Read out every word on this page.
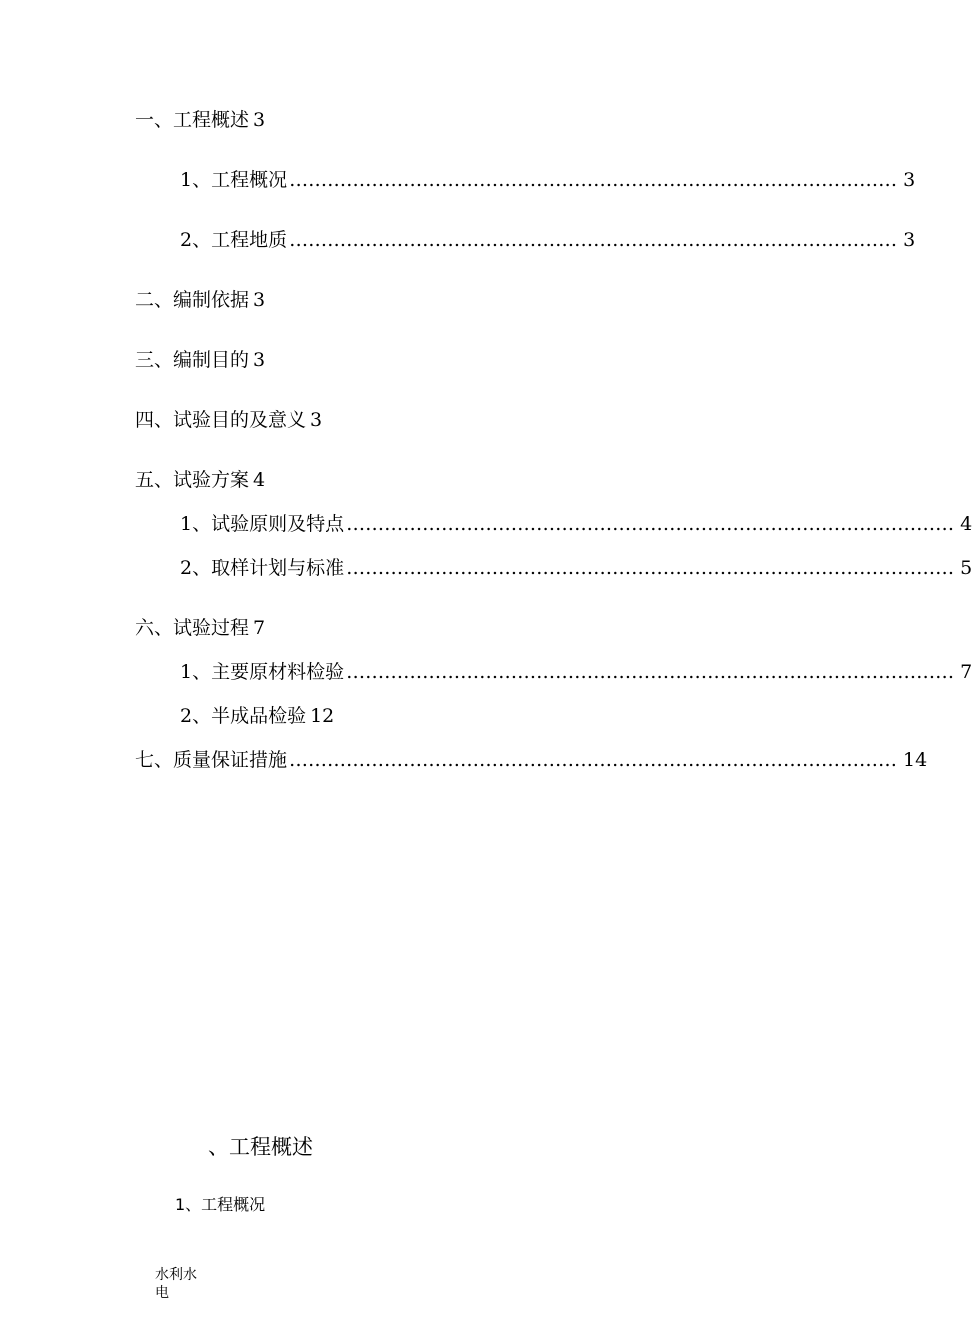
一、工程概述 3
1、工程概况 …………………………………………………………………………………… 3
2、工程地质 …………………………………………………………………………………… 3
二、编制依据 3
三、编制目的 3
四、试验目的及意义 3
五、试验方案 4
1、试验原则及特点 …………………………………………………………………………………… 4
2、取样计划与标准 …………………………………………………………………………………… 5
六、试验过程 7
1、主要原材料检验 …………………………………………………………………………………… 7
2、半成品检验 12
七、质量保证措施 …………………………………………………………………………………… 14
、工程概述
1、工程概况
水利水电
